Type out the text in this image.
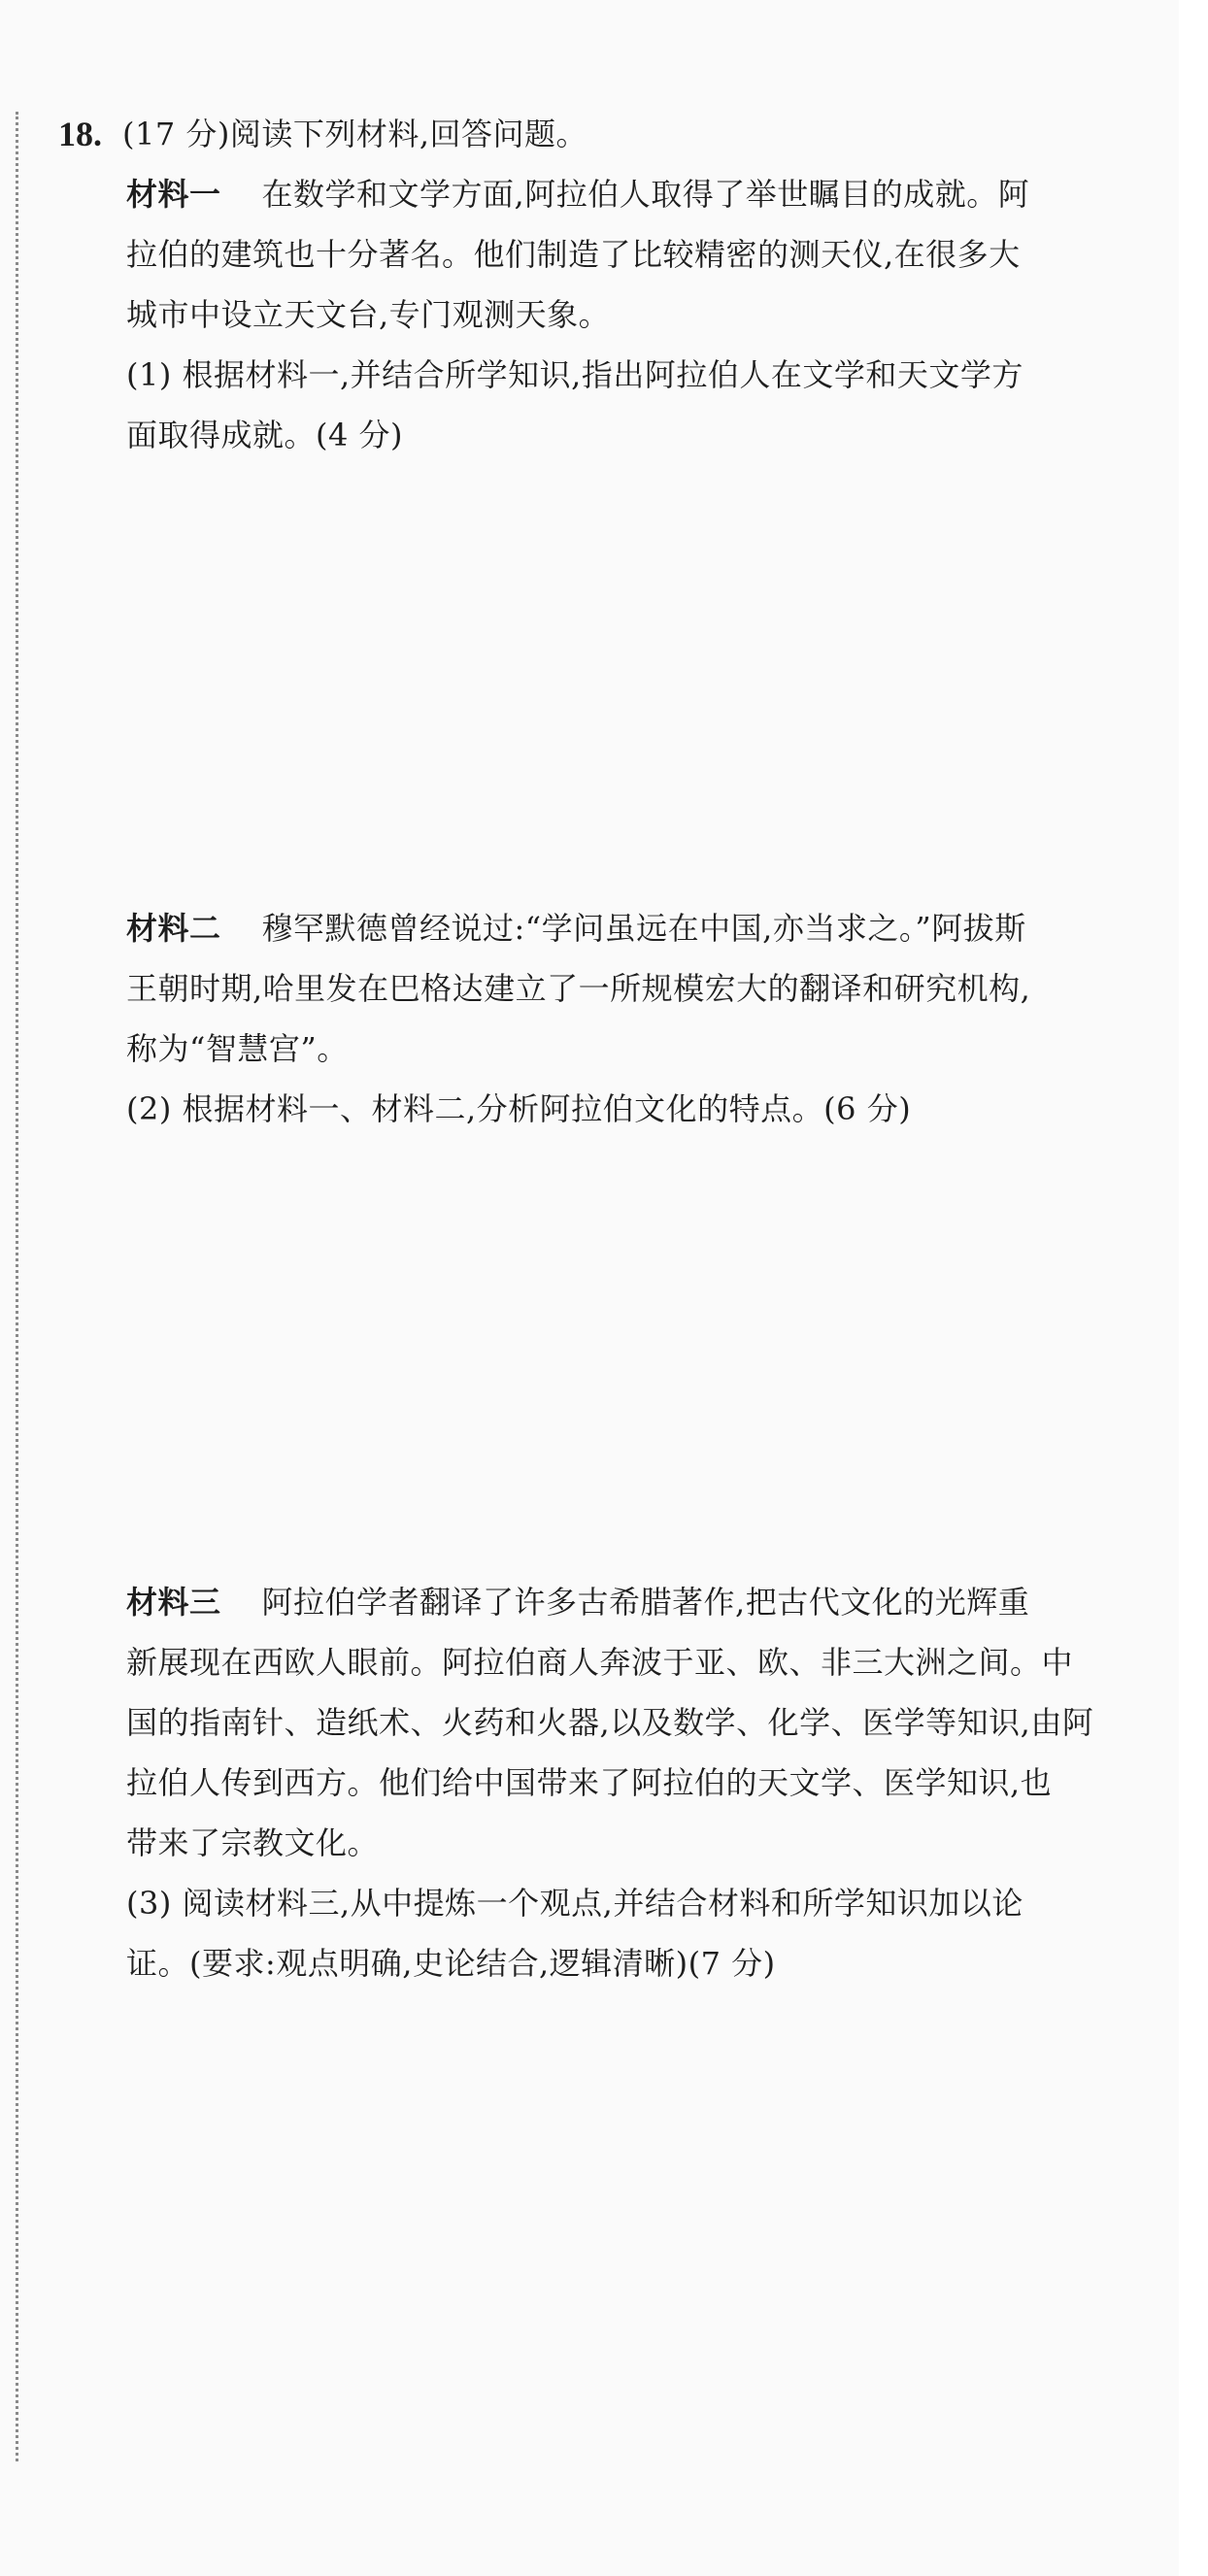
18. (17 分)阅读下列材料,回答问题。
材料一 在数学和文学方面,阿拉伯人取得了举世瞩目的成就。阿
拉伯的建筑也十分著名。他们制造了比较精密的测天仪,在很多大
城市中设立天文台,专门观测天象。
(1) 根据材料一,并结合所学知识,指出阿拉伯人在文学和天文学方
面取得成就。(4 分)
材料二 穆罕默德曾经说过:“学问虽远在中国,亦当求之。”阿拔斯
王朝时期,哈里发在巴格达建立了一所规模宏大的翻译和研究机构,
称为“智慧宫”。
(2) 根据材料一、材料二,分析阿拉伯文化的特点。(6 分)
材料三 阿拉伯学者翻译了许多古希腊著作,把古代文化的光辉重
新展现在西欧人眼前。阿拉伯商人奔波于亚、欧、非三大洲之间。中
国的指南针、造纸术、火药和火器,以及数学、化学、医学等知识,由阿
拉伯人传到西方。他们给中国带来了阿拉伯的天文学、医学知识,也
带来了宗教文化。
(3) 阅读材料三,从中提炼一个观点,并结合材料和所学知识加以论
证。(要求:观点明确,史论结合,逻辑清晰)(7 分)
